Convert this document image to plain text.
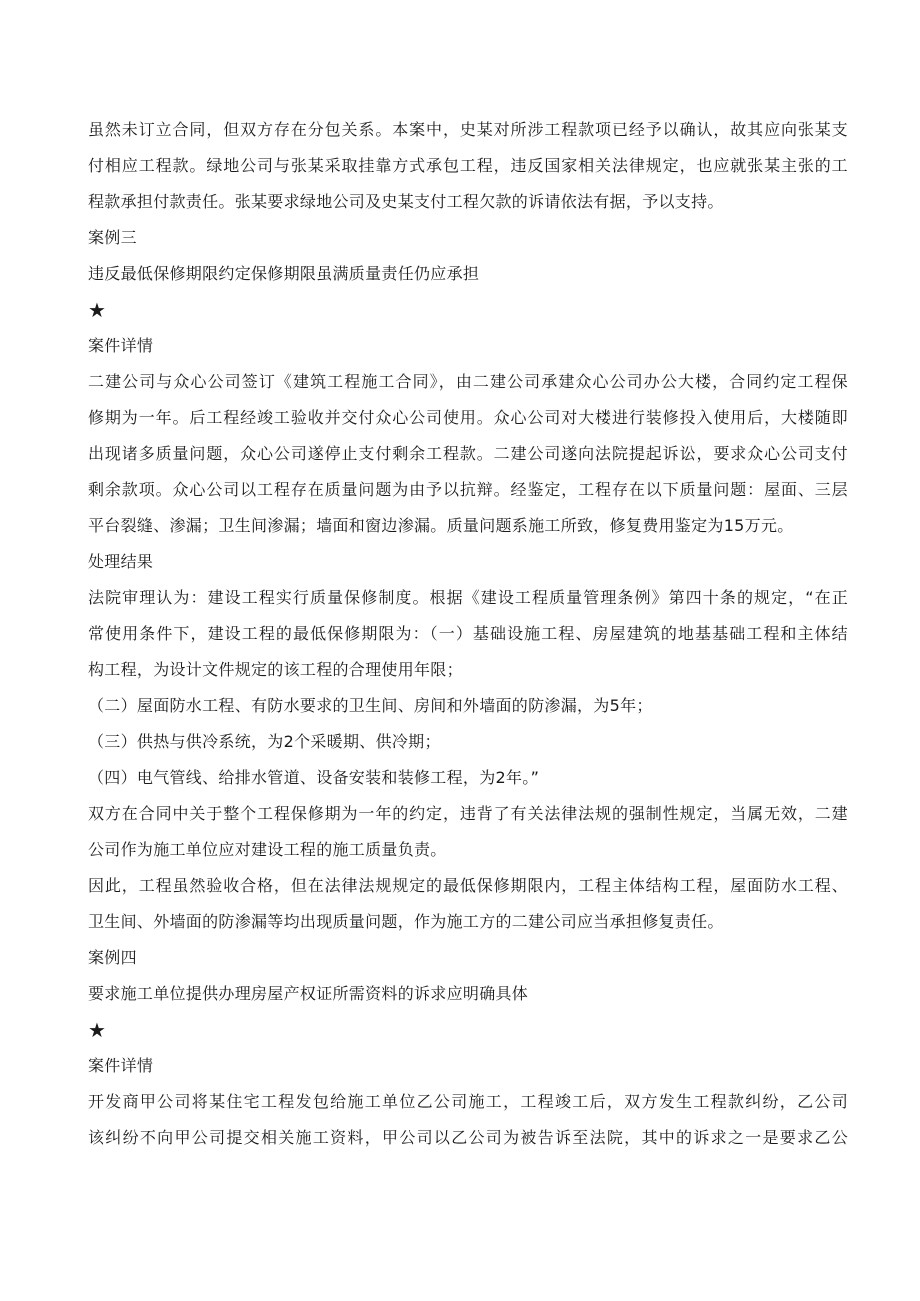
虽然未订立合同，但双方存在分包关系。本案中，史某对所涉工程款项已经予以确认，故其应向张某支
付相应工程款。绿地公司与张某采取挂靠方式承包工程，违反国家相关法律规定，也应就张某主张的工
程款承担付款责任。张某要求绿地公司及史某支付工程欠款的诉请依法有据，予以支持。
案例三
违反最低保修期限约定保修期限虽满质量责任仍应承担
★
案件详情
二建公司与众心公司签订《建筑工程施工合同》，由二建公司承建众心公司办公大楼，合同约定工程保
修期为一年。后工程经竣工验收并交付众心公司使用。众心公司对大楼进行装修投入使用后，大楼随即
出现诸多质量问题，众心公司遂停止支付剩余工程款。二建公司遂向法院提起诉讼，要求众心公司支付
剩余款项。众心公司以工程存在质量问题为由予以抗辩。经鉴定，工程存在以下质量问题：屋面、三层
平台裂缝、渗漏；卫生间渗漏；墙面和窗边渗漏。质量问题系施工所致，修复费用鉴定为15万元。
处理结果
法院审理认为：建设工程实行质量保修制度。根据《建设工程质量管理条例》第四十条的规定，“在正
常使用条件下，建设工程的最低保修期限为：（一）基础设施工程、房屋建筑的地基基础工程和主体结
构工程，为设计文件规定的该工程的合理使用年限；
（二）屋面防水工程、有防水要求的卫生间、房间和外墙面的防渗漏，为5年；
（三）供热与供冷系统，为2个采暖期、供冷期；
（四）电气管线、给排水管道、设备安装和装修工程，为2年。”
双方在合同中关于整个工程保修期为一年的约定，违背了有关法律法规的强制性规定，当属无效，二建
公司作为施工单位应对建设工程的施工质量负责。
因此，工程虽然验收合格，但在法律法规规定的最低保修期限内，工程主体结构工程，屋面防水工程、
卫生间、外墙面的防渗漏等均出现质量问题，作为施工方的二建公司应当承担修复责任。
案例四
要求施工单位提供办理房屋产权证所需资料的诉求应明确具体
★
案件详情
开发商甲公司将某住宅工程发包给施工单位乙公司施工，工程竣工后，双方发生工程款纠纷，乙公司
该纠纷不向甲公司提交相关施工资料，甲公司以乙公司为被告诉至法院，其中的诉求之一是要求乙公
